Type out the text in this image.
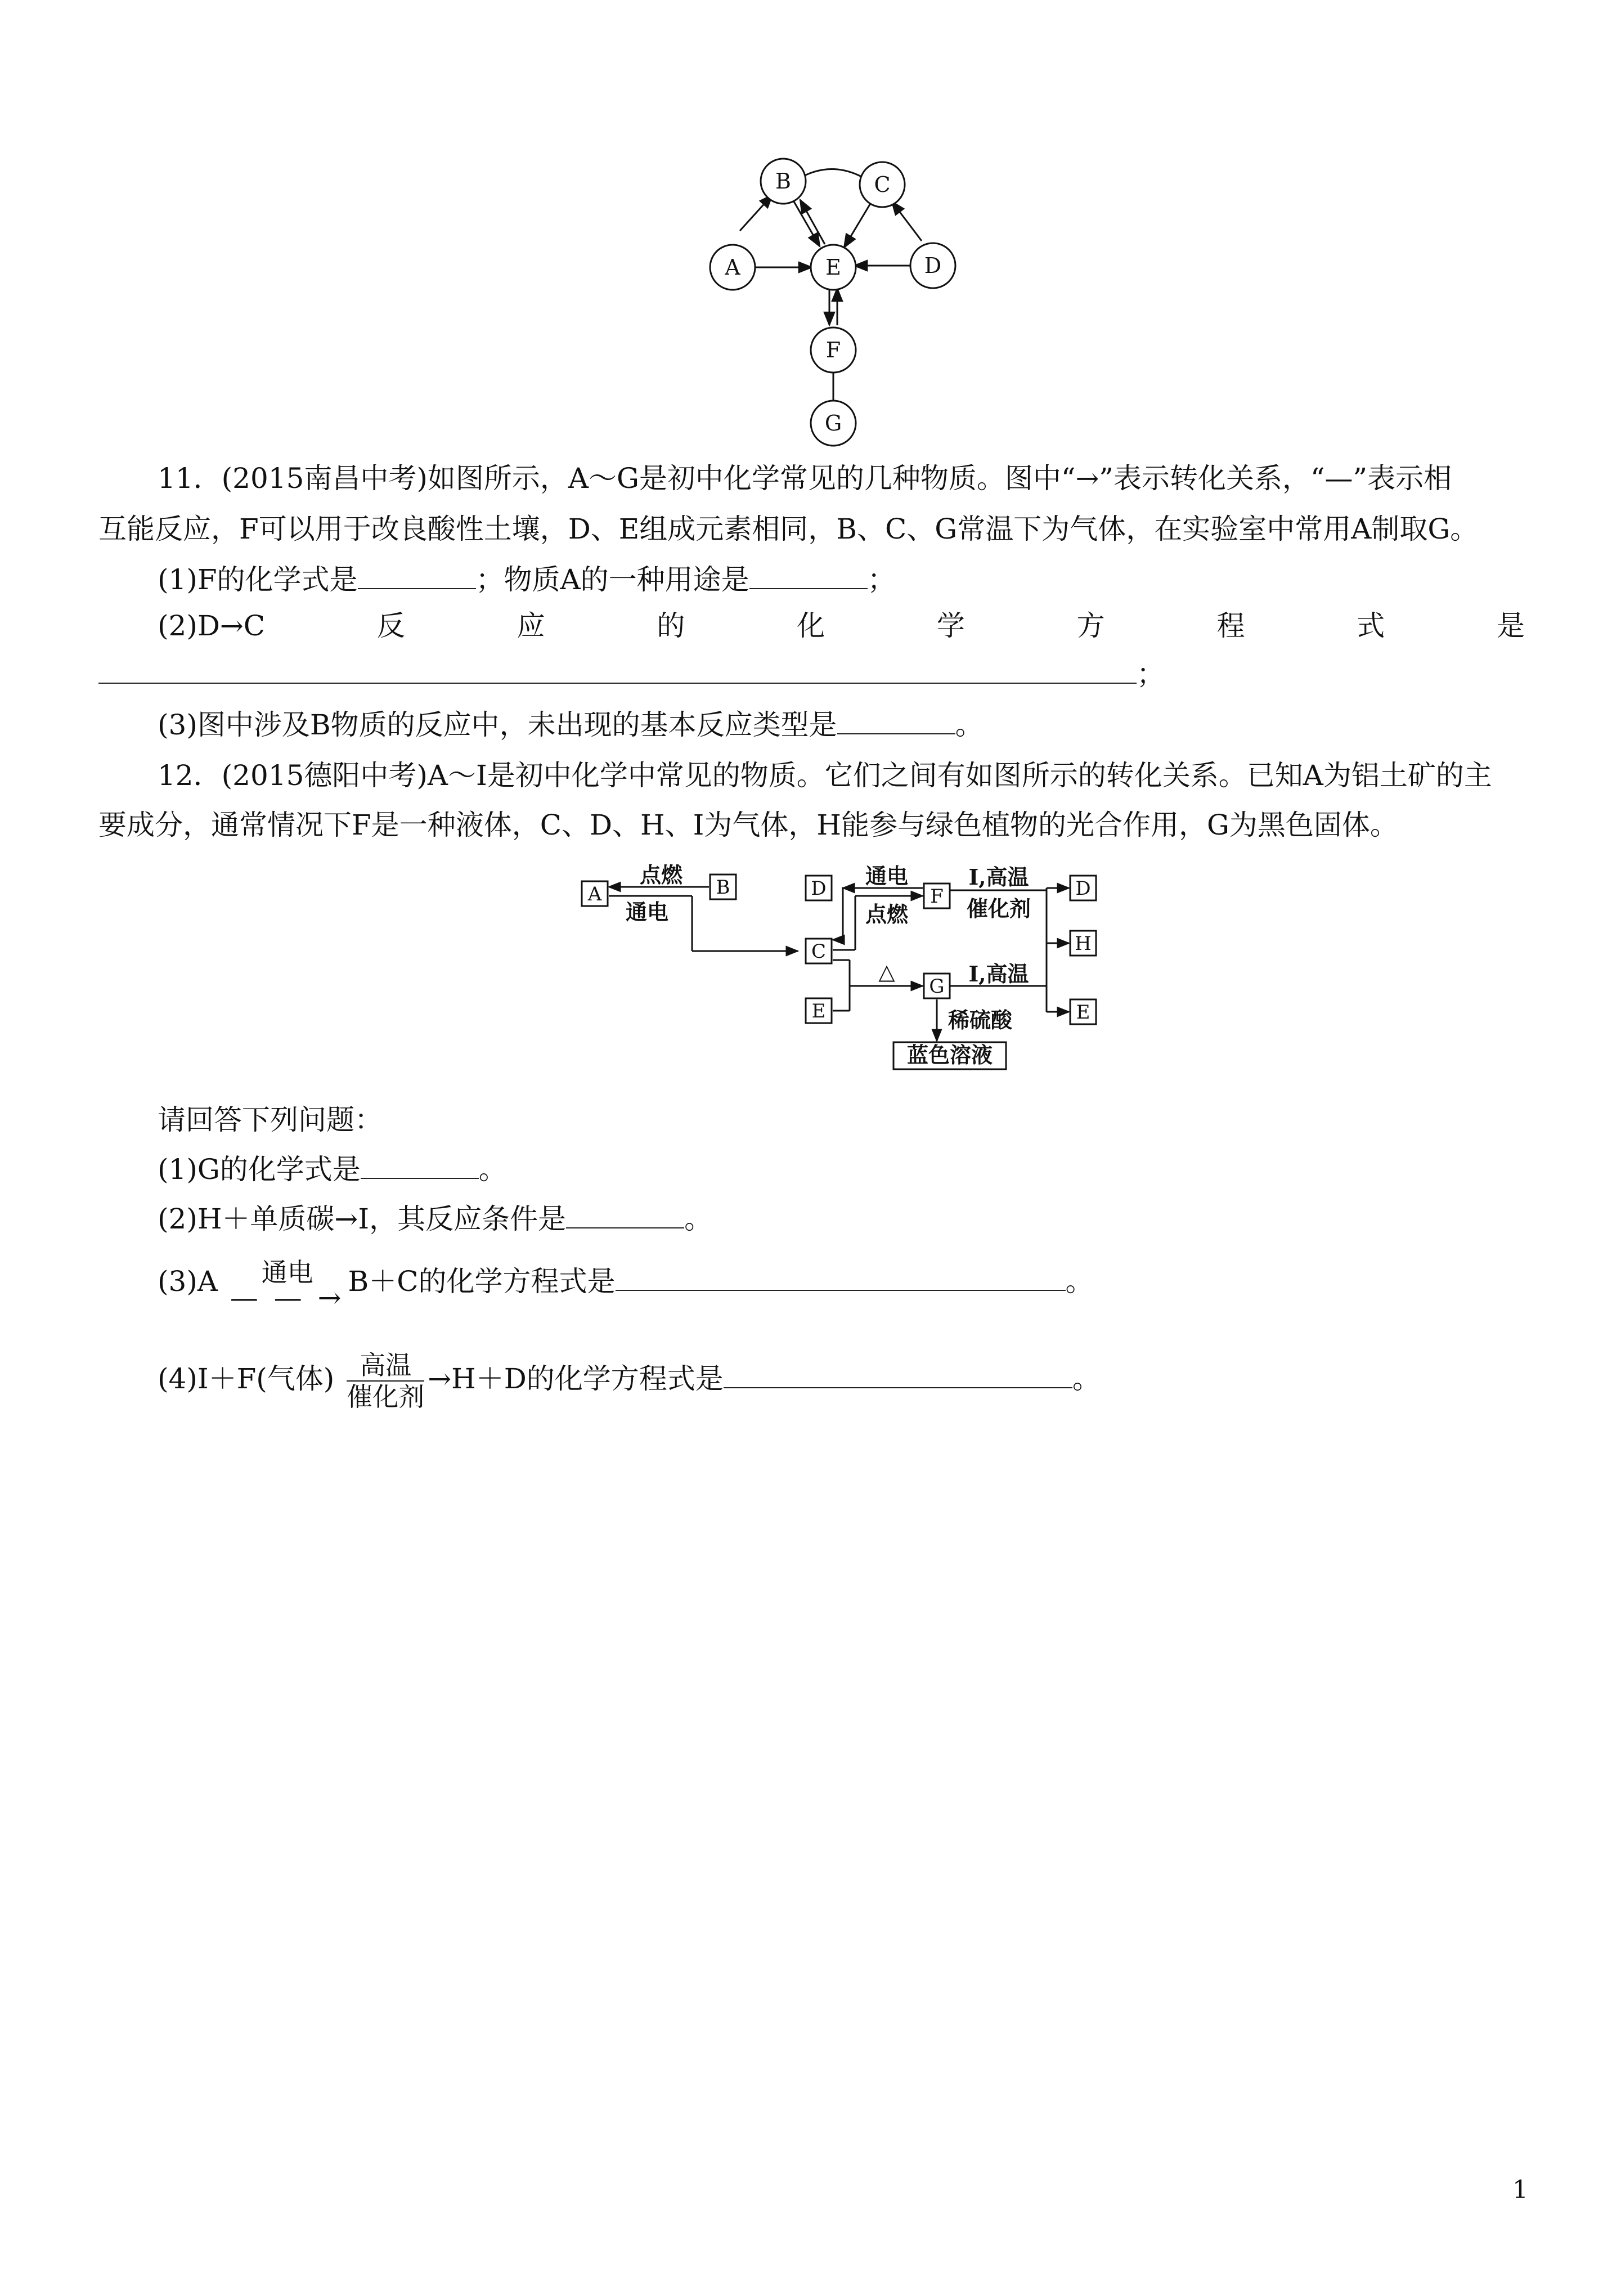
B	C
A	E	D
F
G
11．(2015南昌中考)如图所示，A～G是初中化学常见的几种物质。图中“→”表示转化关系，“—”表示相
互能反应，F可以用于改良酸性土壤，D、E组成元素相同，B、C、G常温下为气体，在实验室中常用A制取G。
(1)F的化学式是	；物质A的一种用途是	；
(2)D→C	反	应	的	化	学	方	程	式	是
；
(3)图中涉及B物质的反应中，未出现的基本反应类型是	。
12．(2015德阳中考)A～I是初中化学中常见的物质。它们之间有如图所示的转化关系。已知A为铝土矿的主
要成分，通常情况下F是一种液体，C、D、H、I为气体，H能参与绿色植物的光合作用，G为黑色固体。
A	B	D
C
E
F
G
D
H
E
点燃
通电
通电
点燃
△
I,高温
催化剂
I,高温
稀硫酸
蓝色溶液
请回答下列问题：
(1)G的化学式是	。
(2)H＋单质碳→I，其反应条件是	。
(3)A 通电
— — → B＋C的化学方程式是	。
(4)I＋F(气体) $\frac{\text{高温}}{\text{催化剂}} \to H+D$的化学方程式是	。
1
